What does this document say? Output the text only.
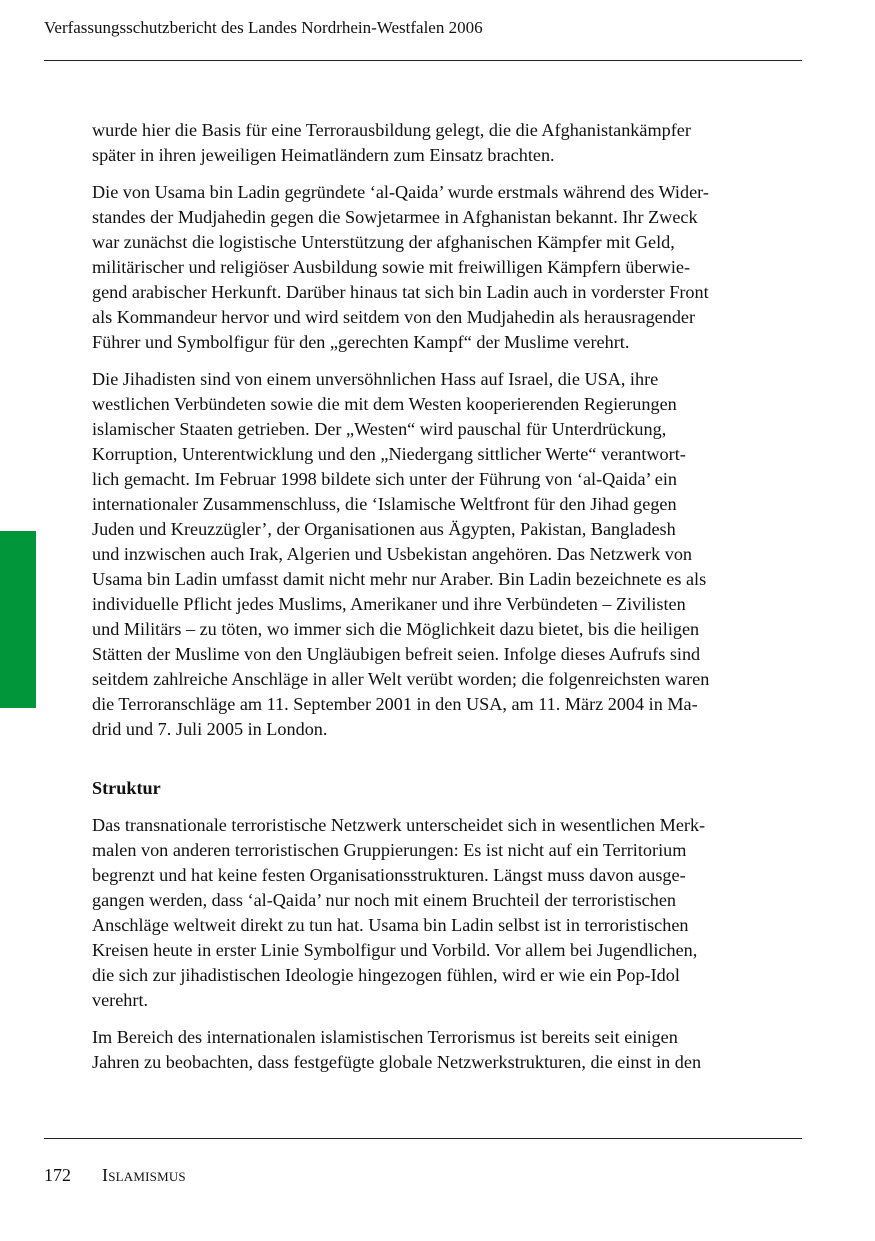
Verfassungsschutzbericht des Landes Nordrhein-Westfalen 2006

wurde hier die Basis für eine Terrorausbildung gelegt, die die Afghanistankämpfer
später in ihren jeweiligen Heimatländern zum Einsatz brachten.

Die von Usama bin Ladin gegründete ‘al-Qaida’ wurde erstmals während des Wider-
standes der Mudjahedin gegen die Sowjetarmee in Afghanistan bekannt. Ihr Zweck
war zunächst die logistische Unterstützung der afghanischen Kämpfer mit Geld,
militärischer und religiöser Ausbildung sowie mit freiwilligen Kämpfern überwie-
gend arabischer Herkunft. Darüber hinaus tat sich bin Ladin auch in vorderster Front
als Kommandeur hervor und wird seitdem von den Mudjahedin als herausragender
Führer und Symbolfigur für den „gerechten Kampf“ der Muslime verehrt.

Die Jihadisten sind von einem unversöhnlichen Hass auf Israel, die USA, ihre
westlichen Verbündeten sowie die mit dem Westen kooperierenden Regierungen
islamischer Staaten getrieben. Der „Westen“ wird pauschal für Unterdrückung,
Korruption, Unterentwicklung und den „Niedergang sittlicher Werte“ verantwort-
lich gemacht. Im Februar 1998 bildete sich unter der Führung von ‘al-Qaida’ ein
internationaler Zusammenschluss, die ‘Islamische Weltfront für den Jihad gegen
Juden und Kreuzzügler’, der Organisationen aus Ägypten, Pakistan, Bangladesh
und inzwischen auch Irak, Algerien und Usbekistan angehören. Das Netzwerk von
Usama bin Ladin umfasst damit nicht mehr nur Araber. Bin Ladin bezeichnete es als
individuelle Pflicht jedes Muslims, Amerikaner und ihre Verbündeten – Zivilisten
und Militärs – zu töten, wo immer sich die Möglichkeit dazu bietet, bis die heiligen
Stätten der Muslime von den Ungläubigen befreit seien. Infolge dieses Aufrufs sind
seitdem zahlreiche Anschläge in aller Welt verübt worden; die folgenreichsten waren
die Terroranschläge am 11. September 2001 in den USA, am 11. März 2004 in Ma-
drid und 7. Juli 2005 in London.

Struktur

Das transnationale terroristische Netzwerk unterscheidet sich in wesentlichen Merk-
malen von anderen terroristischen Gruppierungen: Es ist nicht auf ein Territorium
begrenzt und hat keine festen Organisationsstrukturen. Längst muss davon ausge-
gangen werden, dass ‘al-Qaida’ nur noch mit einem Bruchteil der terroristischen
Anschläge weltweit direkt zu tun hat. Usama bin Ladin selbst ist in terroristischen
Kreisen heute in erster Linie Symbolfigur und Vorbild. Vor allem bei Jugendlichen,
die sich zur jihadistischen Ideologie hingezogen fühlen, wird er wie ein Pop-Idol
verehrt.

Im Bereich des internationalen islamistischen Terrorismus ist bereits seit einigen
Jahren zu beobachten, dass festgefügte globale Netzwerkstrukturen, die einst in den

172 Islamismus
